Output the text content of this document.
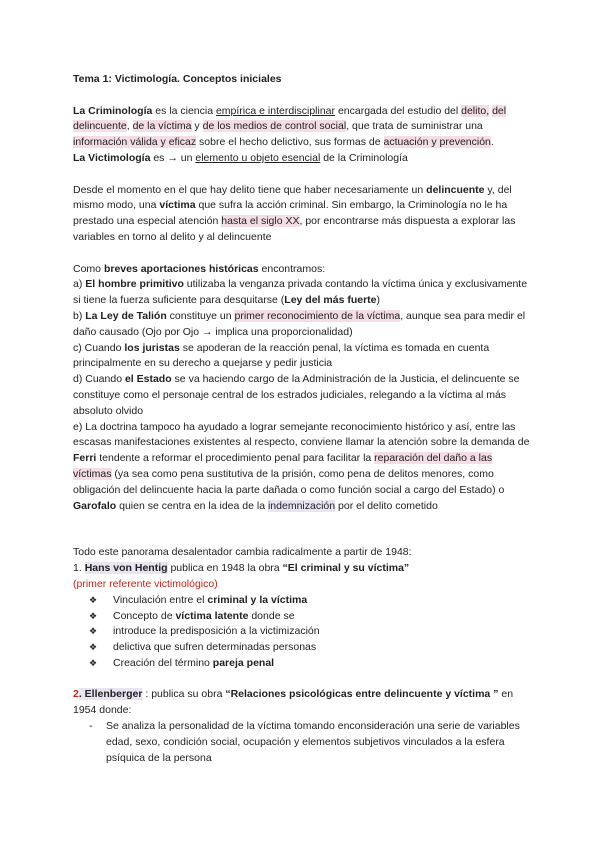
Tema 1: Victimología. Conceptos iniciales

La Criminología es la ciencia empírica e interdisciplinar encargada del estudio del delito, del delincuente, de la víctima y de los medios de control social, que trata de suministrar una información válida y eficaz sobre el hecho delictivo, sus formas de actuación y prevención.

La Victimología es → un elemento u objeto esencial de la Criminología

Desde el momento en el que hay delito tiene que haber necesariamente un delincuente y, del mismo modo, una víctima que sufra la acción criminal. Sin embargo, la Criminología no le ha prestado una especial atención hasta el siglo XX, por encontrarse más dispuesta a explorar las variables en torno al delito y al delincuente

Como breves aportaciones históricas encontramos:

a) El hombre primitivo utilizaba la venganza privada contando la víctima única y exclusivamente si tiene la fuerza suficiente para desquitarse (Ley del más fuerte)

b) La Ley de Talión constituye un primer reconocimiento de la víctima, aunque sea para medir el daño causado (Ojo por Ojo → implica una proporcionalidad)

c) Cuando los juristas se apoderan de la reacción penal, la víctima es tomada en cuenta principalmente en su derecho a quejarse y pedir justicia

d) Cuando el Estado se va haciendo cargo de la Administración de la Justicia, el delincuente se constituye como el personaje central de los estrados judiciales, relegando a la víctima al más absoluto olvido

e) La doctrina tampoco ha ayudado a lograr semejante reconocimiento histórico y así, entre las escasas manifestaciones existentes al respecto, conviene llamar la atención sobre la demanda de Ferri tendente a reformar el procedimiento penal para facilitar la reparación del daño a las víctimas (ya sea como pena sustitutiva de la prisión, como pena de delitos menores, como obligación del delincuente hacia la parte dañada o como función social a cargo del Estado) o Garofalo quien se centra en la idea de la indemnización por el delito cometido

Todo este panorama desalentador cambia radicalmente a partir de 1948:

1. Hans von Hentig publica en 1948 la obra “El criminal y su víctima”

(primer referente victimológico)

❖ Vinculación entre el criminal y la víctima
❖ Concepto de víctima latente donde se
❖ introduce la predisposición a la victimización
❖ delictiva que sufren determinadas personas
❖ Creación del término pareja penal

2. Ellenberger : publica su obra “Relaciones psicológicas entre delincuente y víctima ” en 1954 donde:

- Se analiza la personalidad de la víctima tomando enconsideración una serie de variables edad, sexo, condición social, ocupación y elementos subjetivos vinculados a la esfera psíquica de la persona
